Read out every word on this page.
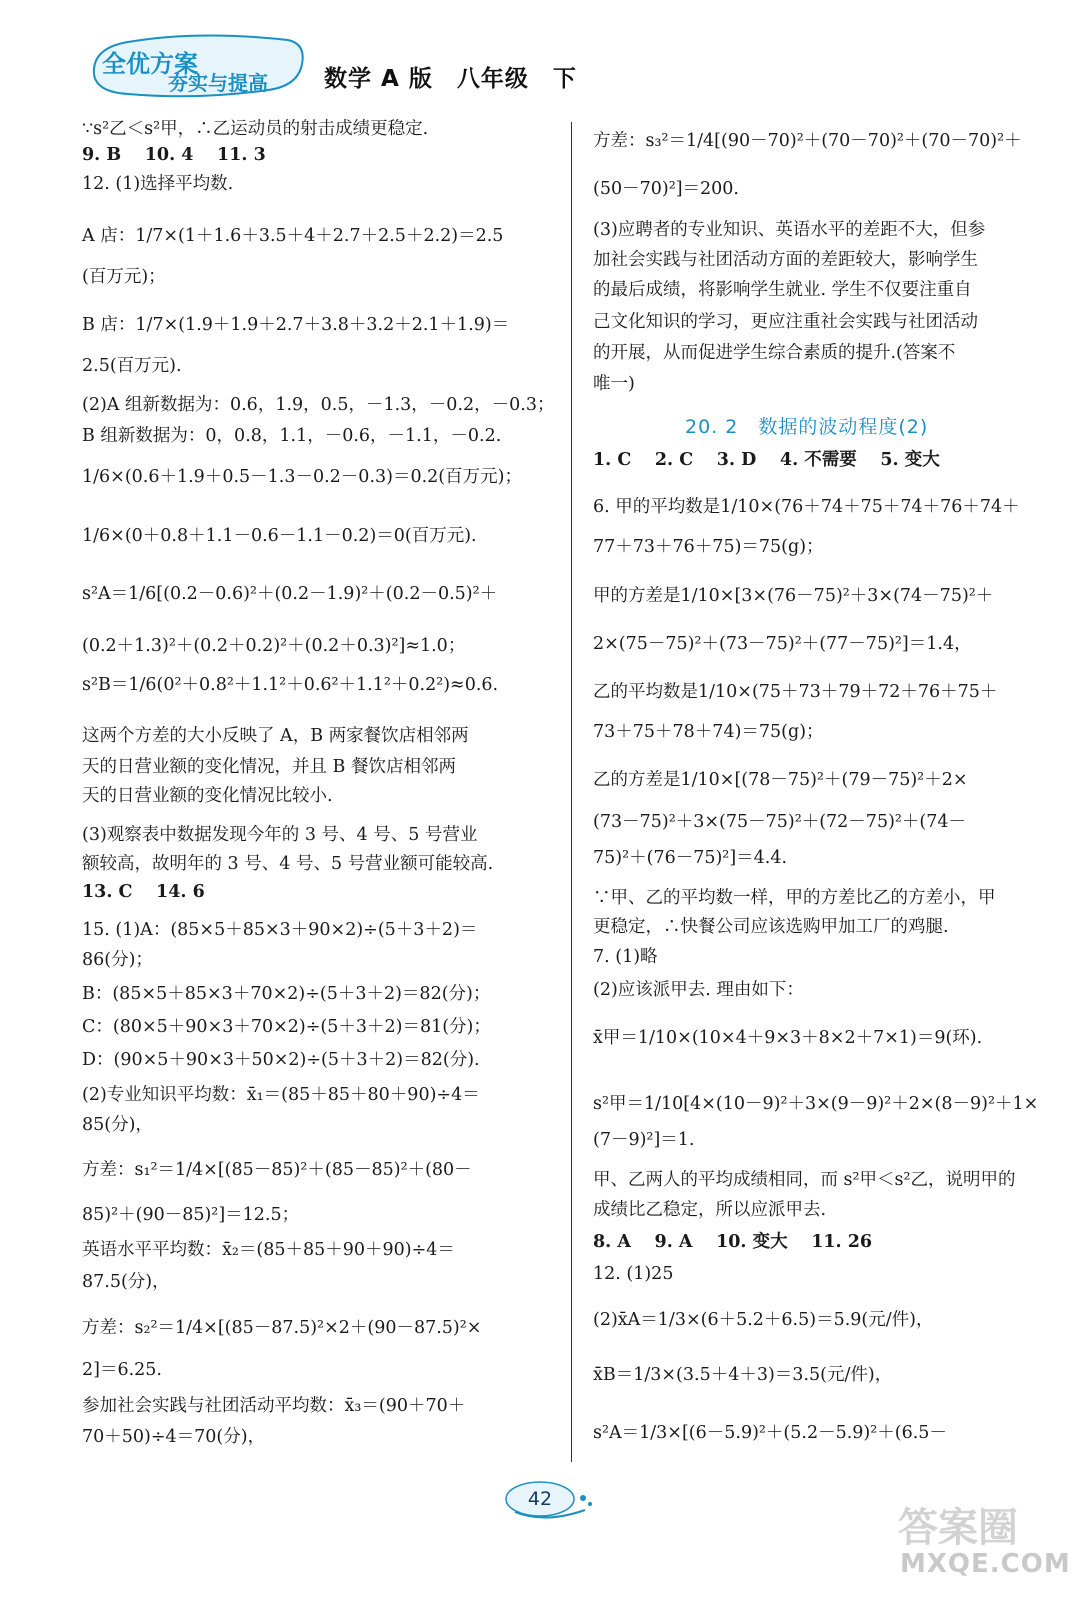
全优方案
夯实与提高 数学 A 版　八年级　下
∵s²乙＜s²甲，∴乙运动员的射击成绩更稳定.
9. B　 10. 4　 11. 3
12. (1)选择平均数.
A 店：1/7×(1＋1.6＋3.5＋4＋2.7＋2.5＋2.2)＝2.5
(百万元)；
B 店：1/7×(1.9＋1.9＋2.7＋3.8＋3.2＋2.1＋1.9)＝
2.5(百万元).
(2)A 组新数据为：0.6，1.9，0.5，－1.3，－0.2，－0.3；
B 组新数据为：0，0.8，1.1，－0.6，－1.1，－0.2.
1/6×(0.6＋1.9＋0.5－1.3－0.2－0.3)＝0.2(百万元)；
1/6×(0＋0.8＋1.1－0.6－1.1－0.2)＝0(百万元).
s²A＝1/6[(0.2－0.6)²＋(0.2－1.9)²＋(0.2－0.5)²＋
(0.2＋1.3)²＋(0.2＋0.2)²＋(0.2＋0.3)²]≈1.0；
s²B＝1/6(0²＋0.8²＋1.1²＋0.6²＋1.1²＋0.2²)≈0.6.
这两个方差的大小反映了 A，B 两家餐饮店相邻两
天的日营业额的变化情况，并且 B 餐饮店相邻两
天的日营业额的变化情况比较小.
(3)观察表中数据发现今年的 3 号、4 号、5 号营业
额较高，故明年的 3 号、4 号、5 号营业额可能较高.
13. C　 14. 6
15. (1)A：(85×5＋85×3＋90×2)÷(5＋3＋2)＝
86(分)；
B：(85×5＋85×3＋70×2)÷(5＋3＋2)＝82(分)；
C：(80×5＋90×3＋70×2)÷(5＋3＋2)＝81(分)；
D：(90×5＋90×3＋50×2)÷(5＋3＋2)＝82(分).
(2)专业知识平均数：x̄₁＝(85＋85＋80＋90)÷4＝
85(分)，
方差：s₁²＝1/4×[(85－85)²＋(85－85)²＋(80－
85)²＋(90－85)²]＝12.5；
英语水平平均数：x̄₂＝(85＋85＋90＋90)÷4＝
87.5(分)，
方差：s₂²＝1/4×[(85－87.5)²×2＋(90－87.5)²×
2]＝6.25.
参加社会实践与社团活动平均数：x̄₃＝(90＋70＋
70＋50)÷4＝70(分)，
方差：s₃²＝1/4[(90－70)²＋(70－70)²＋(70－70)²＋
(50－70)²]＝200.
(3)应聘者的专业知识、英语水平的差距不大，但参
加社会实践与社团活动方面的差距较大，影响学生
的最后成绩，将影响学生就业. 学生不仅要注重自
己文化知识的学习，更应注重社会实践与社团活动
的开展，从而促进学生综合素质的提升.(答案不
唯一)
1. C　 2. C　 3. D　 4. 不需要　 5. 变大
6. 甲的平均数是1/10×(76＋74＋75＋74＋76＋74＋
77＋73＋76＋75)＝75(g)；
甲的方差是1/10×[3×(76－75)²＋3×(74－75)²＋
2×(75－75)²＋(73－75)²＋(77－75)²]＝1.4，
乙的平均数是1/10×(75＋73＋79＋72＋76＋75＋
73＋75＋78＋74)＝75(g)；
乙的方差是1/10×[(78－75)²＋(79－75)²＋2×
(73－75)²＋3×(75－75)²＋(72－75)²＋(74－
75)²＋(76－75)²]＝4.4.
∵甲、乙的平均数一样，甲的方差比乙的方差小，甲
更稳定，∴快餐公司应该选购甲加工厂的鸡腿.
7. (1)略
(2)应该派甲去. 理由如下：
x̄甲＝1/10×(10×4＋9×3＋8×2＋7×1)＝9(环).
s²甲＝1/10[4×(10－9)²＋3×(9－9)²＋2×(8－9)²＋1×
(7－9)²]＝1.
甲、乙两人的平均成绩相同，而 s²甲＜s²乙，说明甲的
成绩比乙稳定，所以应派甲去.
8. A　 9. A　 10. 变大　 11. 26
12. (1)25
(2)x̄A＝1/3×(6＋5.2＋6.5)＝5.9(元/件)，
x̄B＝1/3×(3.5＋4＋3)＝3.5(元/件)，
s²A＝1/3×[(6－5.9)²＋(5.2－5.9)²＋(6.5－
20. 2　数据的波动程度(2)
42
答案圈
MXQE.COM
